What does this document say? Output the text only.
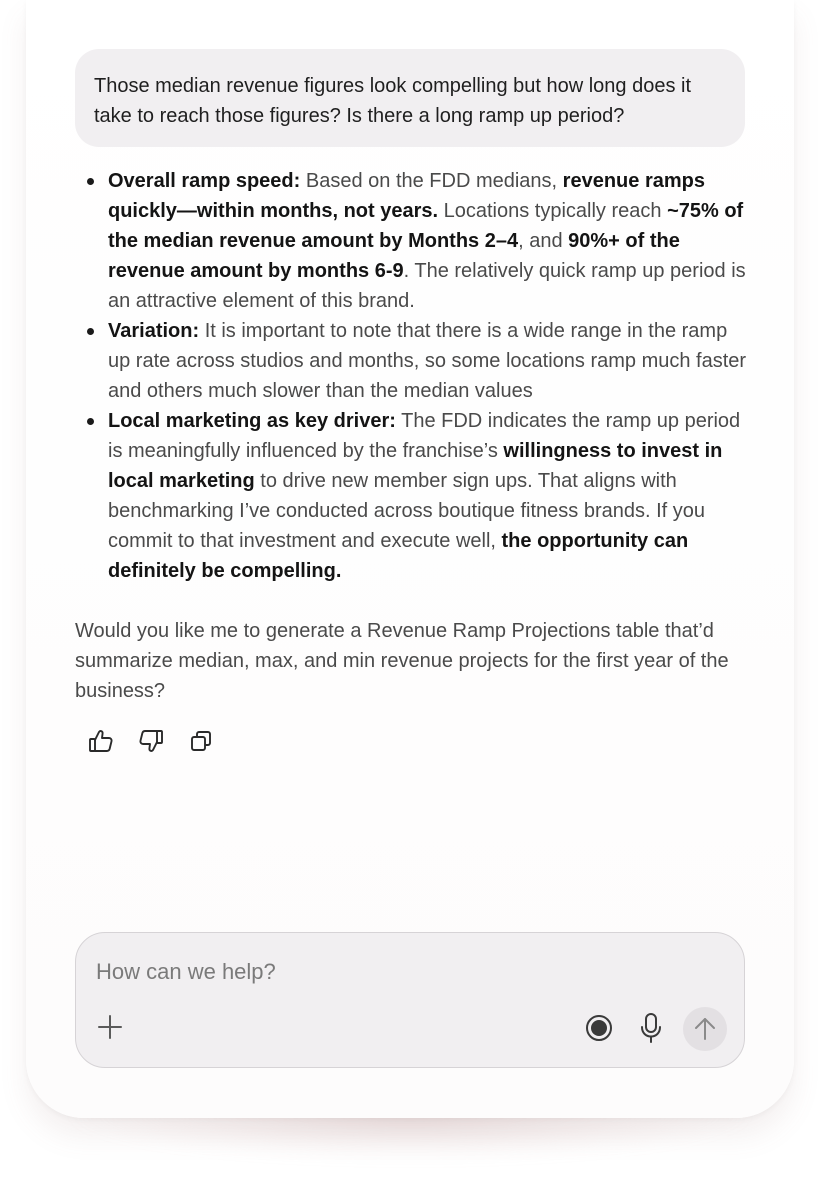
Those median revenue figures look compelling but how long does it take to reach those figures? Is there a long ramp up period?
Overall ramp speed: Based on the FDD medians, revenue ramps quickly—within months, not years. Locations typically reach ~75% of the median revenue amount by Months 2–4, and 90%+ of the revenue amount by months 6-9. The relatively quick ramp up period is an attractive element of this brand.
Variation: It is important to note that there is a wide range in the ramp up rate across studios and months, so some locations ramp much faster and others much slower than the median values
Local marketing as key driver: The FDD indicates the ramp up period is meaningfully influenced by the franchise’s willingness to invest in local marketing to drive new member sign ups. That aligns with benchmarking I’ve conducted across boutique fitness brands. If you commit to that investment and execute well, the opportunity can definitely be compelling.

Would you like me to generate a Revenue Ramp Projections table that’d summarize median, max, and min revenue projects for the first year of the business?

How can we help?
